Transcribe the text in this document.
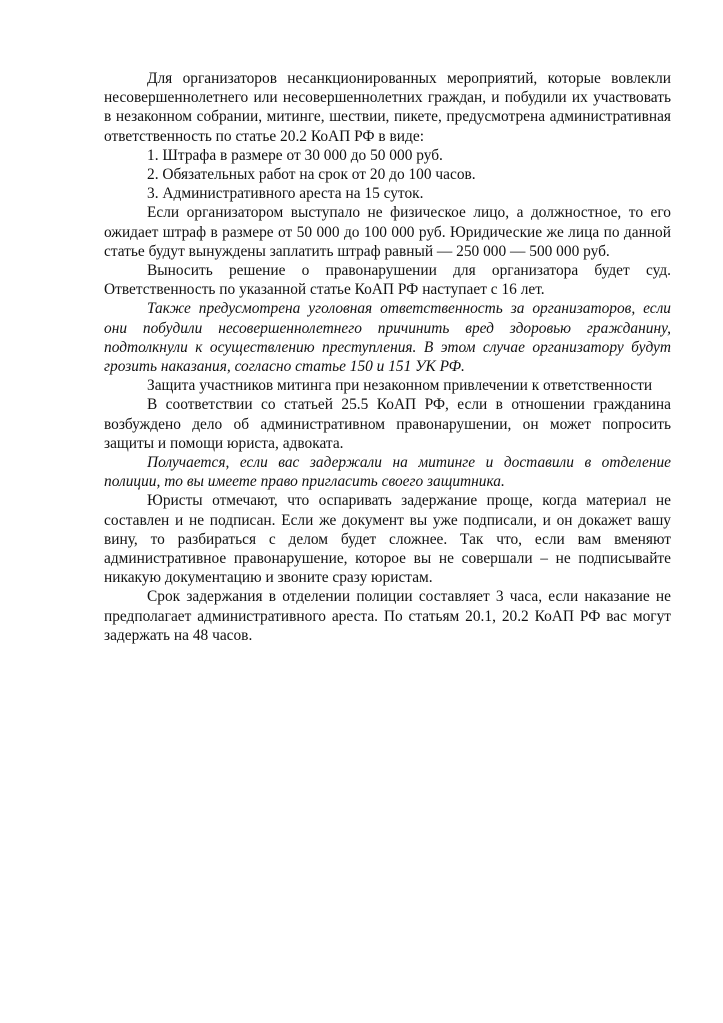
Для организаторов несанкционированных мероприятий, которые вовлекли несовершеннолетнего или несовершеннолетних граждан, и побудили их участвовать в незаконном собрании, митинге, шествии, пикете, предусмотрена административная ответственность по статье 20.2 КоАП РФ в виде:

1. Штрафа в размере от 30 000 до 50 000 руб.

2. Обязательных работ на срок от 20 до 100 часов.

3. Административного ареста на 15 суток.

Если организатором выступало не физическое лицо, а должностное, то его ожидает штраф в размере от 50 000 до 100 000 руб. Юридические же лица по данной статье будут вынуждены заплатить штраф равный — 250 000 — 500 000 руб.

Выносить решение о правонарушении для организатора будет суд. Ответственность по указанной статье КоАП РФ наступает с 16 лет.

Также предусмотрена уголовная ответственность за организаторов, если они побудили несовершеннолетнего причинить вред здоровью гражданину, подтолкнули к осуществлению преступления. В этом случае организатору будут грозить наказания, согласно статье 150 и 151 УК РФ.

Защита участников митинга при незаконном привлечении к ответственности

В соответствии со статьей 25.5 КоАП РФ, если в отношении гражданина возбуждено дело об административном правонарушении, он может попросить защиты и помощи юриста, адвоката.

Получается, если вас задержали на митинге и доставили в отделение полиции, то вы имеете право пригласить своего защитника.

Юристы отмечают, что оспаривать задержание проще, когда материал не составлен и не подписан. Если же документ вы уже подписали, и он докажет вашу вину, то разбираться с делом будет сложнее. Так что, если вам вменяют административное правонарушение, которое вы не совершали – не подписывайте никакую документацию и звоните сразу юристам.

Срок задержания в отделении полиции составляет 3 часа, если наказание не предполагает административного ареста. По статьям 20.1, 20.2 КоАП РФ вас могут задержать на 48 часов.
